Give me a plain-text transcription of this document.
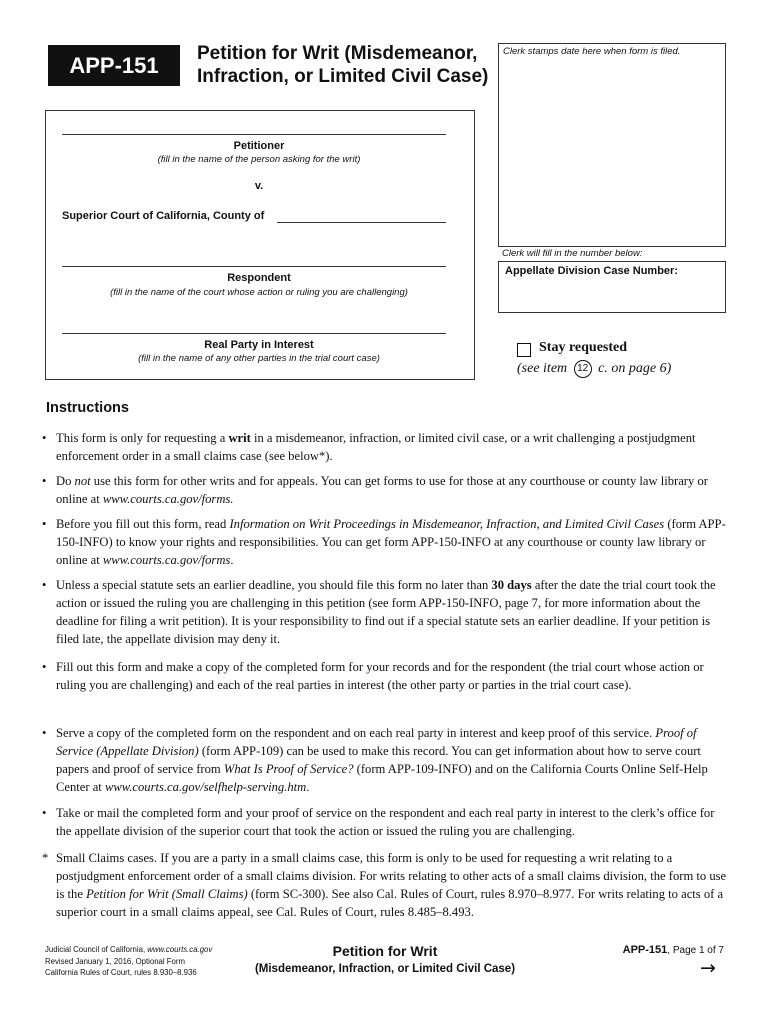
APP-151	Petition for Writ (Misdemeanor,
Infraction, or Limited Civil Case)
Clerk stamps date here when form is filed.
Clerk will fill in the number below:
Appellate Division Case Number:
Petitioner
(fill in the name of the person asking for the writ)
v.
Superior Court of California, County of
Respondent
(fill in the name of the court whose action or ruling you are challenging)
Real Party in Interest
(fill in the name of any other parties in the trial court case)
Stay requested
(see item 12 c. on page 6)
Instructions
• This form is only for requesting a writ in a misdemeanor, infraction, or limited civil case, or a writ challenging a postjudgment enforcement order in a small claims case (see below*).
• Do not use this form for other writs and for appeals. You can get forms to use for those at any courthouse or county law library or online at www.courts.ca.gov/forms.
• Before you fill out this form, read Information on Writ Proceedings in Misdemeanor, Infraction, and Limited Civil Cases (form APP-150-INFO) to know your rights and responsibilities. You can get form APP-150-INFO at any courthouse or county law library or online at www.courts.ca.gov/forms.
• Unless a special statute sets an earlier deadline, you should file this form no later than 30 days after the date the trial court took the action or issued the ruling you are challenging in this petition (see form APP-150-INFO, page 7, for more information about the deadline for filing a writ petition). It is your responsibility to find out if a special statute sets an earlier deadline. If your petition is filed late, the appellate division may deny it.
• Fill out this form and make a copy of the completed form for your records and for the respondent (the trial court whose action or ruling you are challenging) and each of the real parties in interest (the other party or parties in the trial court case).
• Serve a copy of the completed form on the respondent and on each real party in interest and keep proof of this service. Proof of Service (Appellate Division) (form APP-109) can be used to make this record. You can get information about how to serve court papers and proof of service from What Is Proof of Service? (form APP-109-INFO) and on the California Courts Online Self-Help Center at www.courts.ca.gov/selfhelp-serving.htm.
• Take or mail the completed form and your proof of service on the respondent and each real party in interest to the clerk’s office for the appellate division of the superior court that took the action or issued the ruling you are challenging.
* Small Claims cases. If you are a party in a small claims case, this form is only to be used for requesting a writ relating to a postjudgment enforcement order of a small claims division. For writs relating to other acts of a small claims division, the form to use is the Petition for Writ (Small Claims) (form SC-300). See also Cal. Rules of Court, rules 8.970–8.977. For writs relating to acts of a superior court in a small claims appeal, see Cal. Rules of Court, rules 8.485–8.493.
Judicial Council of California, www.courts.ca.gov
Revised January 1, 2016, Optional Form
California Rules of Court, rules 8.930–8.936
Petition for Writ
(Misdemeanor, Infraction, or Limited Civil Case)
APP-151, Page 1 of 7
→
